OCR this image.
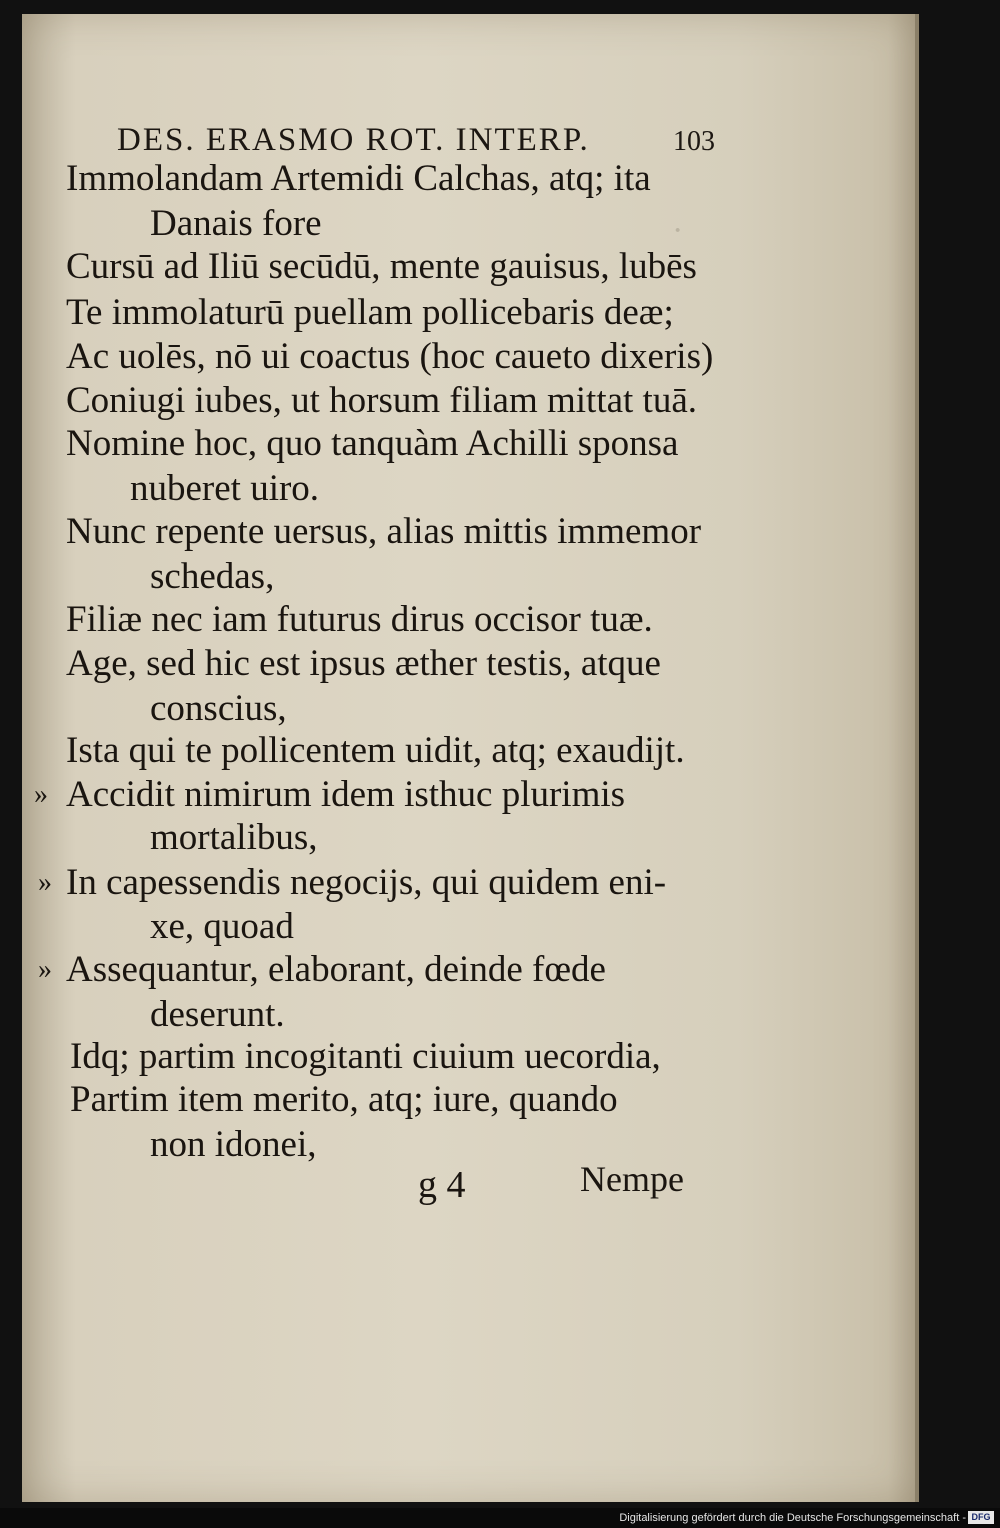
DES. ERASMO ROT. INTERP.	103
·
Immolandam Artemidi Calchas, atq; ita
Danais fore
Cursū ad Iliū secūdū, mente gauisus, lubēs
Te immolaturū puellam pollicebaris deæ;
Ac uolēs, nō ui coactus (hoc caueto dixeris)
Coniugi iubes, ut horsum filiam mittat tuā.
Nomine hoc, quo tanquàm Achilli sponsa
nuberet uiro.
Nunc repente uersus, alias mittis immemor
schedas,
Filiæ nec iam futurus dirus occisor tuæ.
Age, sed hic est ipsus æther testis, atque
conscius,
Ista qui te pollicentem uidit, atq; exaudijt.
Accidit nimirum idem isthuc plurimis
mortalibus,
In capessendis negocijs, qui quidem eni-
xe, quoad
Assequantur, elaborant, deinde fœde
deserunt.
Idq; partim incogitanti ciuium uecordia,
Partim item merito, atq; iure, quando
non idonei,
»
»
»
g 4	Nempe
Digitalisierung gefördert durch die Deutsche Forschungsgemeinschaft - DFG
